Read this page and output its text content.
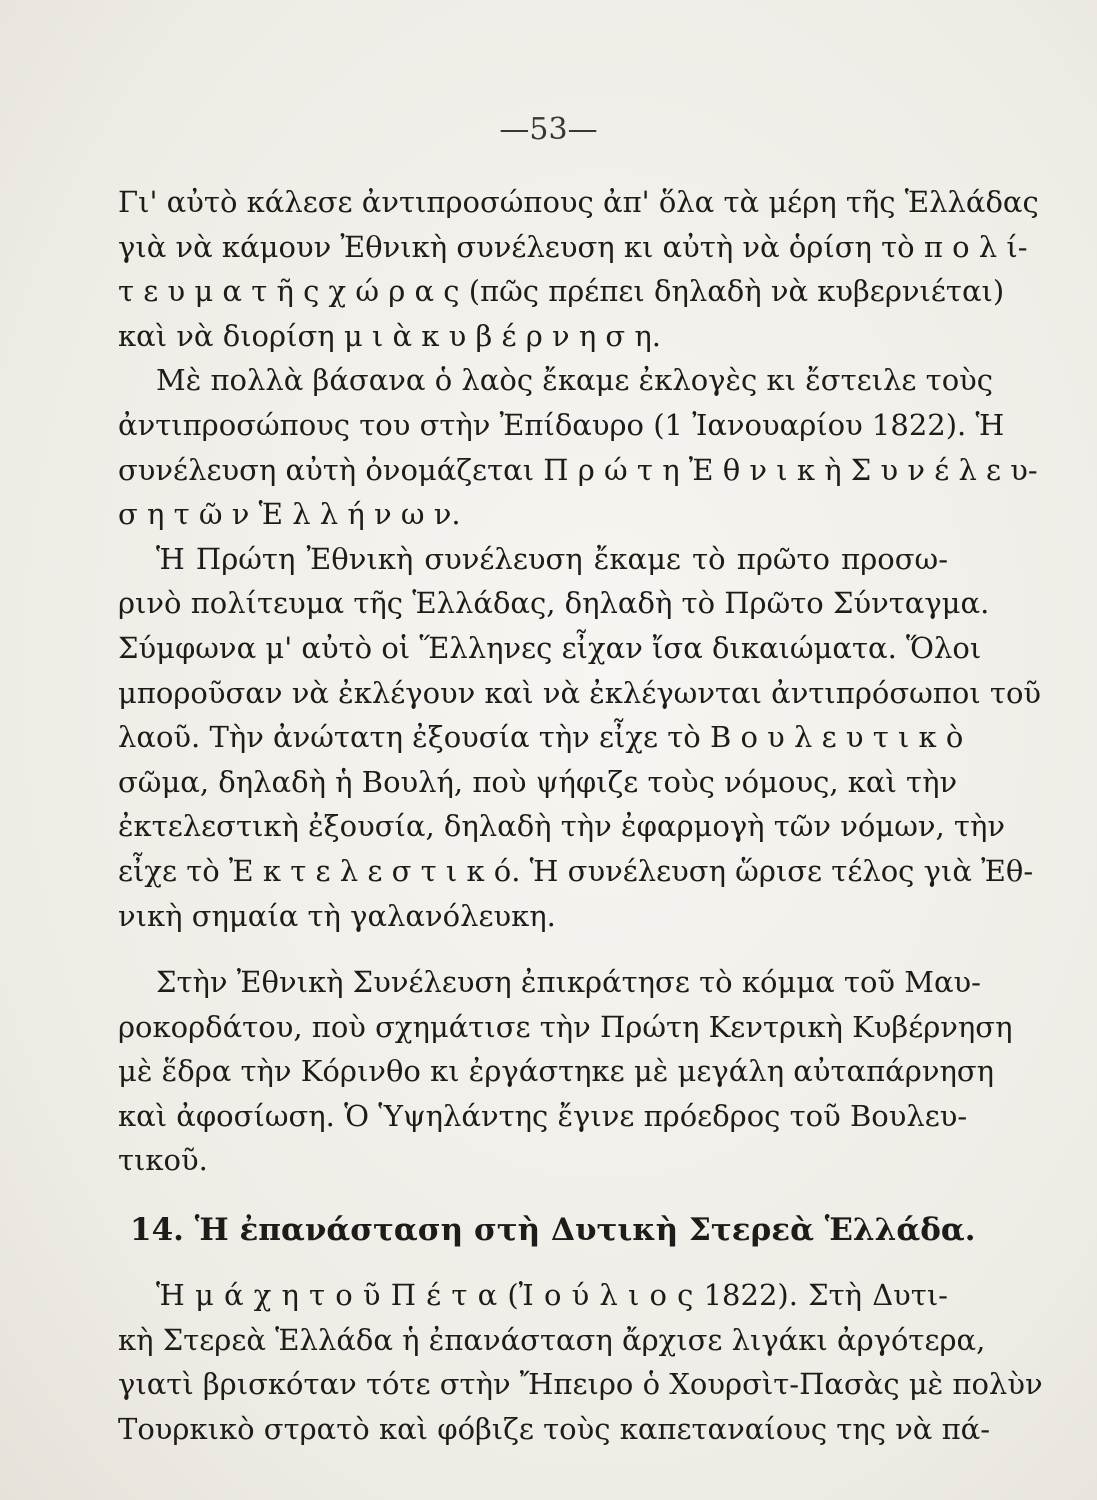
—53—
Γι' αὐτὸ κάλεσε ἀντιπροσώπους ἀπ' ὅλα τὰ μέρη τῆς Ἑλλάδας
γιὰ νὰ κάμουν Ἐθνικὴ συνέλευση κι αὐτὴ νὰ ὁρίση τὸ π ο λ ί-
τ ε υ μ α τ ῆ ς χ ώ ρ α ς (πῶς πρέπει δηλαδὴ νὰ κυβερνιέται)
καὶ νὰ διορίση μ ι ὰ κ υ β έ ρ ν η σ η.
Μὲ πολλὰ βάσανα ὁ λαὸς ἔκαμε ἐκλογὲς κι ἔστειλε τοὺς
ἀντιπροσώπους του στὴν Ἐπίδαυρο (1 Ἰανουαρίου 1822). Ἡ
συνέλευση αὐτὴ ὀνομάζεται Π ρ ώ τ η Ἐ θ ν ι κ ὴ Σ υ ν έ λ ε υ-
σ η τ ῶ ν Ἑ λ λ ή ν ω ν.
Ἡ Πρώτη Ἐθνικὴ συνέλευση ἔκαμε τὸ πρῶτο προσω-
ρινὸ πολίτευμα τῆς Ἑλλάδας, δηλαδὴ τὸ Πρῶτο Σύνταγμα.
Σύμφωνα μ' αὐτὸ οἱ Ἕλληνες εἶχαν ἴσα δικαιώματα. Ὅλοι
μποροῦσαν νὰ ἐκλέγουν καὶ νὰ ἐκλέγωνται ἀντιπρόσωποι τοῦ
λαοῦ. Τὴν ἀνώτατη ἐξουσία τὴν εἶχε τὸ Β ο υ λ ε υ τ ι κ ὸ
σῶμα, δηλαδὴ ἡ Βουλή, ποὺ ψήφιζε τοὺς νόμους, καὶ τὴν
ἐκτελεστικὴ ἐξουσία, δηλαδὴ τὴν ἐφαρμογὴ τῶν νόμων, τὴν
εἶχε τὸ Ἐ κ τ ε λ ε σ τ ι κ ό. Ἡ συνέλευση ὥρισε τέλος γιὰ Ἐθ-
νικὴ σημαία τὴ γαλανόλευκη.
Στὴν Ἐθνικὴ Συνέλευση ἐπικράτησε τὸ κόμμα τοῦ Μαυ-
ροκορδάτου, ποὺ σχημάτισε τὴν Πρώτη Κεντρικὴ Κυβέρνηση
μὲ ἕδρα τὴν Κόρινθο κι ἐργάστηκε μὲ μεγάλη αὐταπάρνηση
καὶ ἀφοσίωση. Ὁ Ὑψηλάντης ἔγινε πρόεδρος τοῦ Βουλευ-
τικοῦ.
14. Ἡ ἐπανάσταση στὴ Δυτικὴ Στερεὰ Ἑλλάδα.
Ἡ μ ά χ η τ ο ῦ Π έ τ α (Ἰ ο ύ λ ι ο ς 1822). Στὴ Δυτι-
κὴ Στερεὰ Ἑλλάδα ἡ ἐπανάσταση ἄρχισε λιγάκι ἀργότερα,
γιατὶ βρισκόταν τότε στὴν Ἤπειρο ὁ Χουρσὶτ-Πασὰς μὲ πολὺν
Τουρκικὸ στρατὸ καὶ φόβιζε τοὺς καπεταναίους της νὰ πά-
